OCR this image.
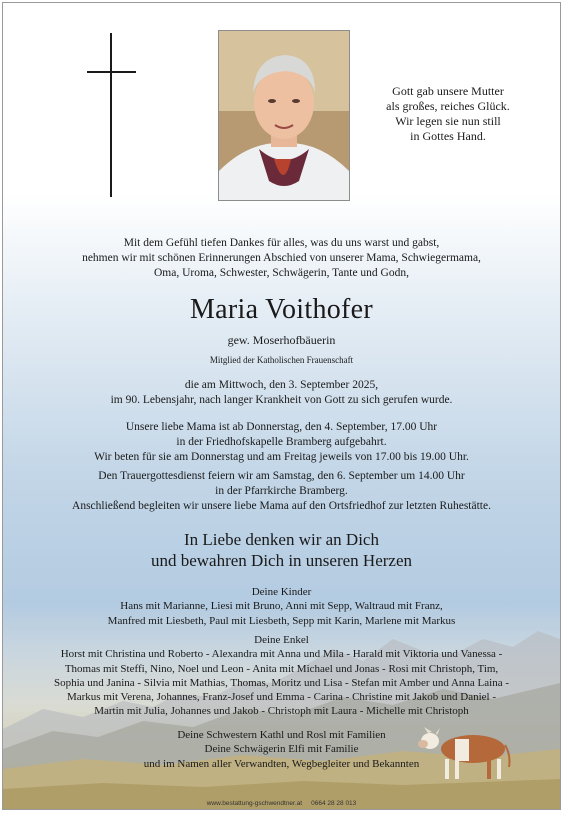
Gott gab unsere Mutter
als großes, reiches Glück.
Wir legen sie nun still
in Gottes Hand.
Mit dem Gefühl tiefen Dankes für alles, was du uns warst und gabst,
nehmen wir mit schönen Erinnerungen Abschied von unserer Mama, Schwiegermama,
Oma, Uroma, Schwester, Schwägerin, Tante und Godn,
Maria Voithofer
gew. Moserhofbäuerin
Mitglied der Katholischen Frauenschaft
die am Mittwoch, den 3. September 2025,
im 90. Lebensjahr, nach langer Krankheit von Gott zu sich gerufen wurde.
Unsere liebe Mama ist ab Donnerstag, den 4. September, 17.00 Uhr
in der Friedhofskapelle Bramberg aufgebahrt.
Wir beten für sie am Donnerstag und am Freitag jeweils von 17.00 bis 19.00 Uhr.
Den Trauergottesdienst feiern wir am Samstag, den 6. September um 14.00 Uhr
in der Pfarrkirche Bramberg.
Anschließend begleiten wir unsere liebe Mama auf den Ortsfriedhof zur letzten Ruhestätte.
In Liebe denken wir an Dich
und bewahren Dich in unseren Herzen
Deine Kinder
Hans mit Marianne, Liesi mit Bruno, Anni mit Sepp, Waltraud mit Franz,
Manfred mit Liesbeth, Paul mit Liesbeth, Sepp mit Karin, Marlene mit Markus
Deine Enkel
Horst mit Christina und Roberto - Alexandra mit Anna und Mila - Harald mit Viktoria und Vanessa -
Thomas mit Steffi, Nino, Noel und Leon - Anita mit Michael und Jonas - Rosi mit Christoph, Tim,
Sophia und Janina - Silvia mit Mathias, Thomas, Moritz und Lisa - Stefan mit Amber und Anna Laina -
Markus mit Verena, Johannes, Franz-Josef und Emma - Carina - Christine mit Jakob und Daniel -
Martin mit Julia, Johannes und Jakob - Christoph mit Laura - Michelle mit Christoph
Deine Schwestern Kathl und Rosl mit Familien
Deine Schwägerin Elfi mit Familie
und im Namen aller Verwandten, Wegbegleiter und Bekannten
www.bestattung-gschwendtner.at 0664 28 28 013
